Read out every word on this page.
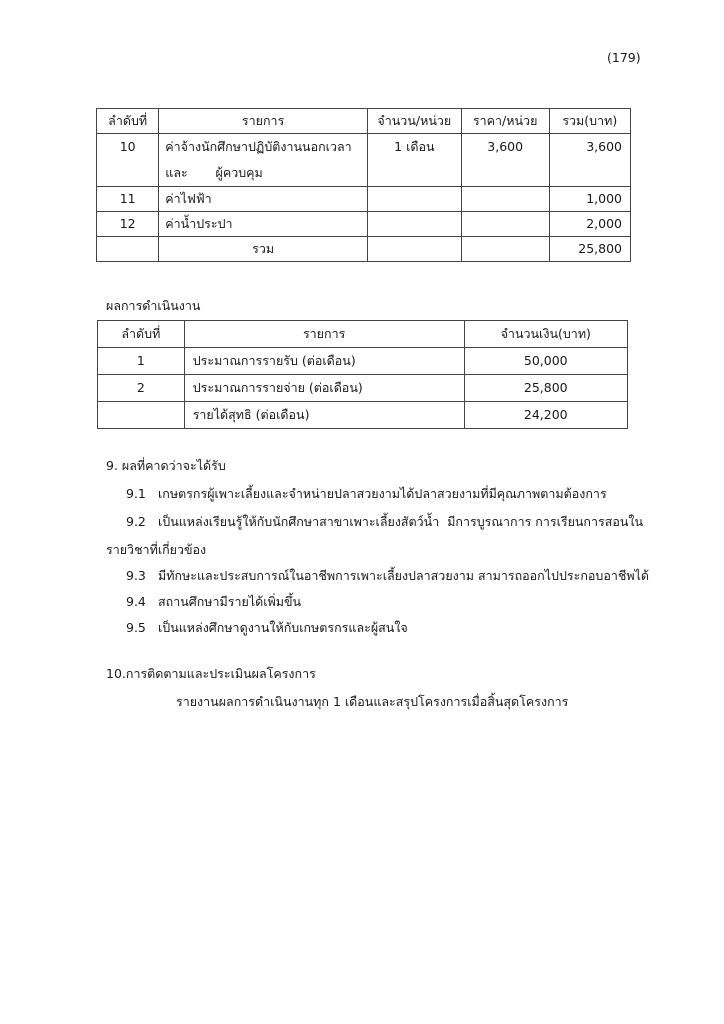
(179)
ลำดับที่	รายการ	จำนวน/หน่วย	ราคา/หน่วย	รวม(บาท)
10	ค่าจ้างนักศึกษาปฏิบัติงานนอกเวลา
และ       ผู้ควบคุม	1 เดือน	3,600	3,600
11	ค่าไฟฟ้า			1,000
12	ค่าน้ำประปา			2,000
	รวม			25,800
ผลการดำเนินงาน
ลำดับที่	รายการ	จำนวนเงิน(บาท)
1	ประมาณการรายรับ (ต่อเดือน)	50,000
2	ประมาณการรายจ่าย (ต่อเดือน)	25,800
	รายได้สุทธิ (ต่อเดือน)	24,200
9. ผลที่คาดว่าจะได้รับ
9.1 เกษตรกรผู้เพาะเลี้ยงและจำหน่ายปลาสวยงามได้ปลาสวยงามที่มีคุณภาพตามต้องการ
9.2 เป็นแหล่งเรียนรู้ให้กับนักศึกษาสาขาเพาะเลี้ยงสัตว์น้ำ  มีการบูรณาการ การเรียนการสอนใน
รายวิชาที่เกี่ยวข้อง
9.3 มีทักษะและประสบการณ์ในอาชีพการเพาะเลี้ยงปลาสวยงาม สามารถออกไปประกอบอาชีพได้
9.4 สถานศึกษามีรายได้เพิ่มขึ้น
9.5 เป็นแหล่งศึกษาดูงานให้กับเกษตรกรและผู้สนใจ
10.การติดตามและประเมินผลโครงการ
รายงานผลการดำเนินงานทุก 1 เดือนและสรุปโครงการเมื่อสิ้นสุดโครงการ
